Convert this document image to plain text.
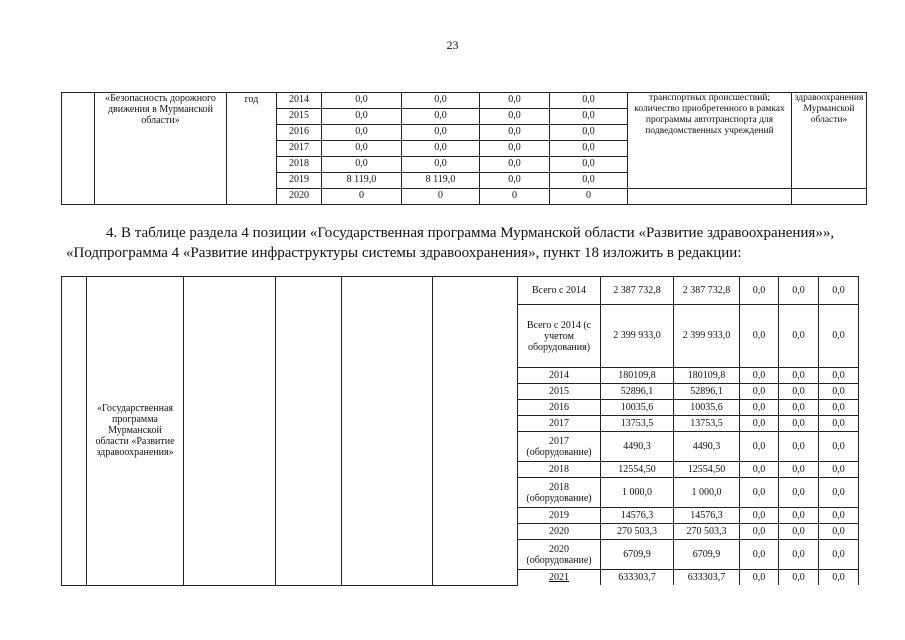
23
	«Безопасность дорожного движения в Мурманской области»	год	2014	0,0	0,0	0,0	0,0	транспортных происшествий; количество приобретенного в рамках программы автотранспорта для подведомственных учреждений	здравоохранения Мурманской области»
			2015	0,0	0,0	0,0	0,0		
			2016	0,0	0,0	0,0	0,0		
			2017	0,0	0,0	0,0	0,0		
			2018	0,0	0,0	0,0	0,0		
			2019	8 119,0	8 119,0	0,0	0,0		
			2020	0	0	0	0		

4. В таблице раздела 4 позиции «Государственная программа Мурманской области «Развитие здравоохранения»»,
«Подпрограмма 4 «Развитие инфраструктуры системы здравоохранения», пункт 18 изложить в редакции:

	«Государственная программа Мурманской области «Развитие здравоохранения»					Всего с 2014	2 387 732,8	2 387 732,8	0,0	0,0	0,0
						Всего с 2014 (с учетом оборудования)	2 399 933,0	2 399 933,0	0,0	0,0	0,0
						2014	180109,8	180109,8	0,0	0,0	0,0
						2015	52896,1	52896,1	0,0	0,0	0,0
						2016	10035,6	10035,6	0,0	0,0	0,0
						2017	13753,5	13753,5	0,0	0,0	0,0
						2017 (оборудование)	4490,3	4490,3	0,0	0,0	0,0
						2018	12554,50	12554,50	0,0	0,0	0,0
						2018 (оборудование)	1 000,0	1 000,0	0,0	0,0	0,0
						2019	14576,3	14576,3	0,0	0,0	0,0
						2020	270 503,3	270 503,3	0,0	0,0	0,0
						2020 (оборудование)	6709,9	6709,9	0,0	0,0	0,0
						2021	633303,7	633303,7	0,0	0,0	0,0
